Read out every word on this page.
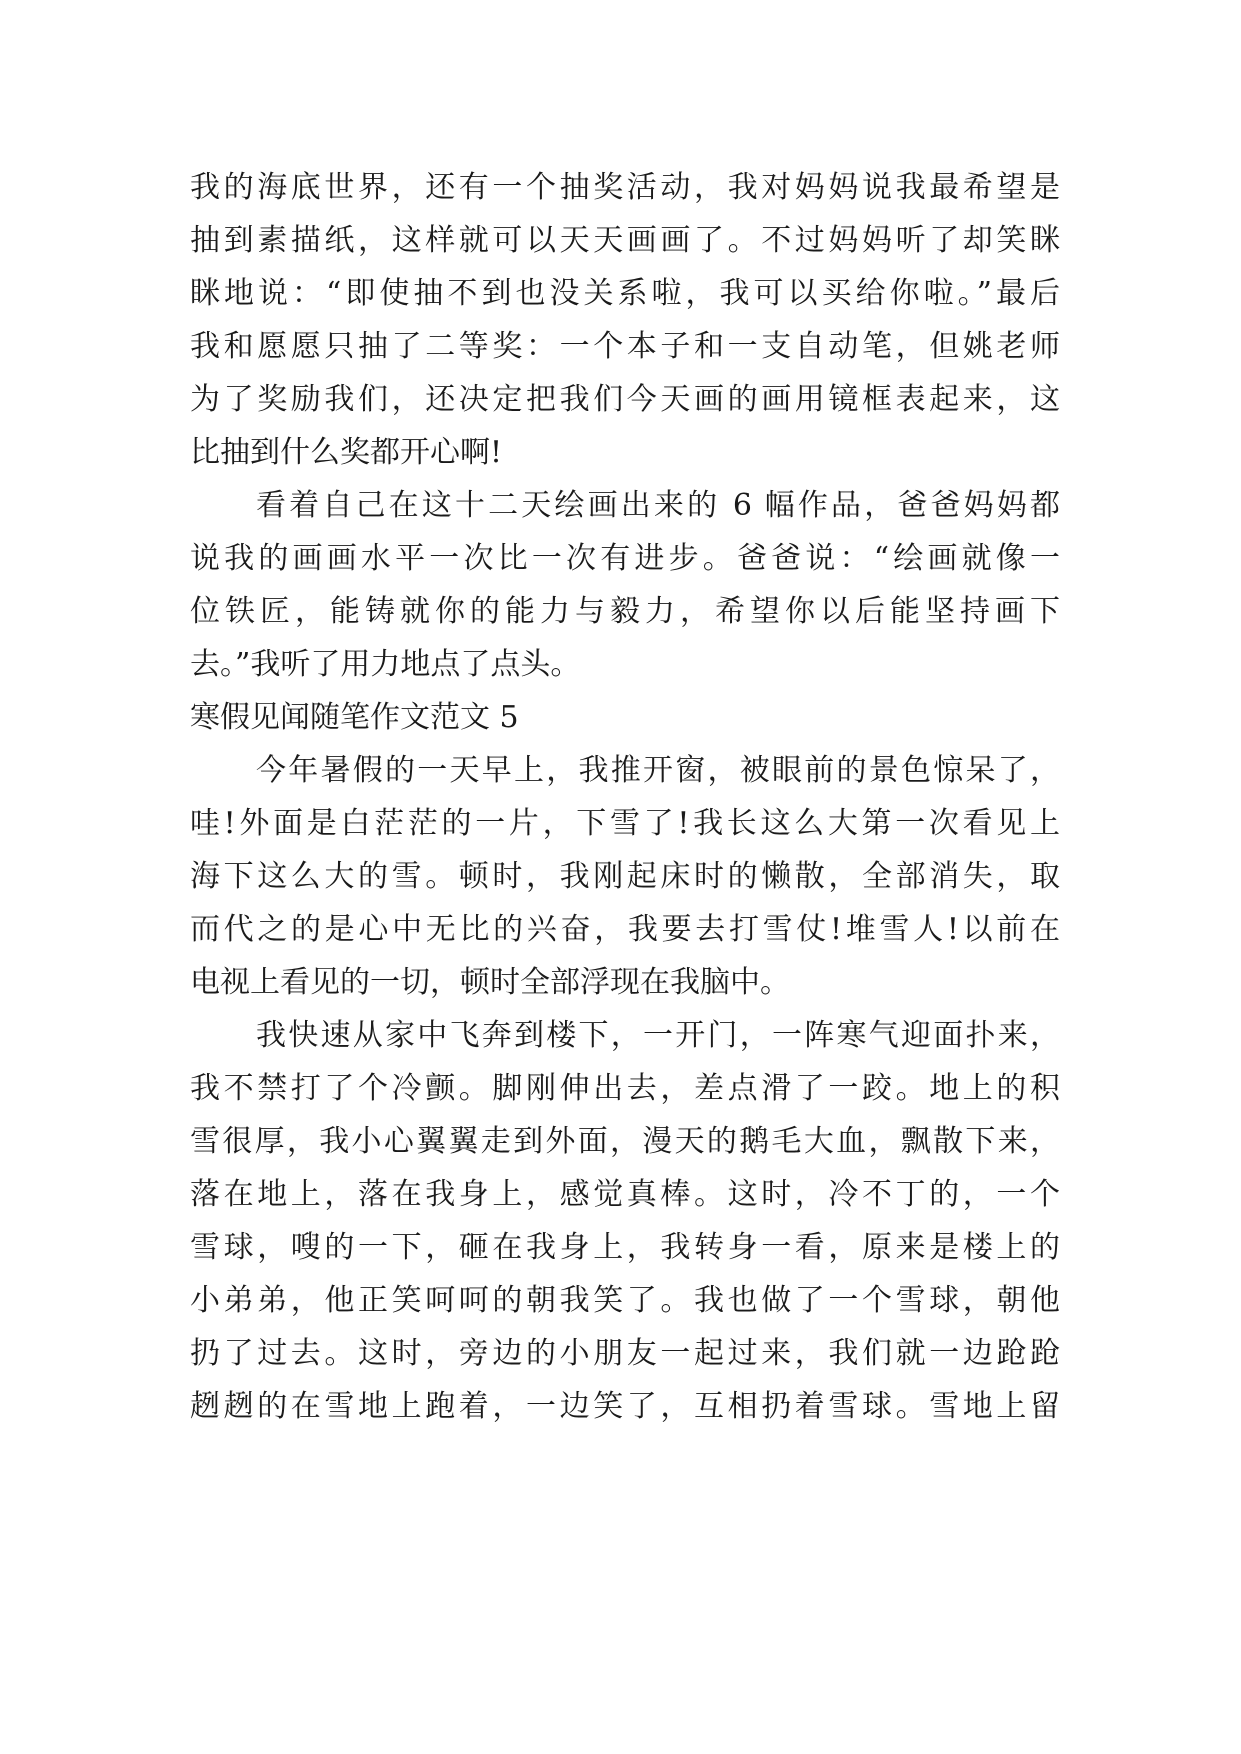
我的海底世界，还有一个抽奖活动，我对妈妈说我最希望是
抽到素描纸，这样就可以天天画画了。不过妈妈听了却笑眯
眯地说：“即使抽不到也没关系啦，我可以买给你啦。”最后
我和愿愿只抽了二等奖：一个本子和一支自动笔，但姚老师
为了奖励我们，还决定把我们今天画的画用镜框表起来，这
比抽到什么奖都开心啊!
看着自己在这十二天绘画出来的 6 幅作品，爸爸妈妈都
说我的画画水平一次比一次有进步。爸爸说：“绘画就像一
位铁匠，能铸就你的能力与毅力，希望你以后能坚持画下
去。”我听了用力地点了点头。
寒假见闻随笔作文范文 5
今年暑假的一天早上，我推开窗，被眼前的景色惊呆了，
哇!外面是白茫茫的一片，下雪了!我长这么大第一次看见上
海下这么大的雪。顿时，我刚起床时的懒散，全部消失，取
而代之的是心中无比的兴奋，我要去打雪仗!堆雪人!以前在
电视上看见的一切，顿时全部浮现在我脑中。
我快速从家中飞奔到楼下，一开门，一阵寒气迎面扑来，
我不禁打了个冷颤。脚刚伸出去，差点滑了一跤。地上的积
雪很厚，我小心翼翼走到外面，漫天的鹅毛大血，飘散下来，
落在地上，落在我身上，感觉真棒。这时，冷不丁的，一个
雪球，嗖的一下，砸在我身上，我转身一看，原来是楼上的
小弟弟，他正笑呵呵的朝我笑了。我也做了一个雪球，朝他
扔了过去。这时，旁边的小朋友一起过来，我们就一边跄跄
趔趔的在雪地上跑着，一边笑了，互相扔着雪球。雪地上留
